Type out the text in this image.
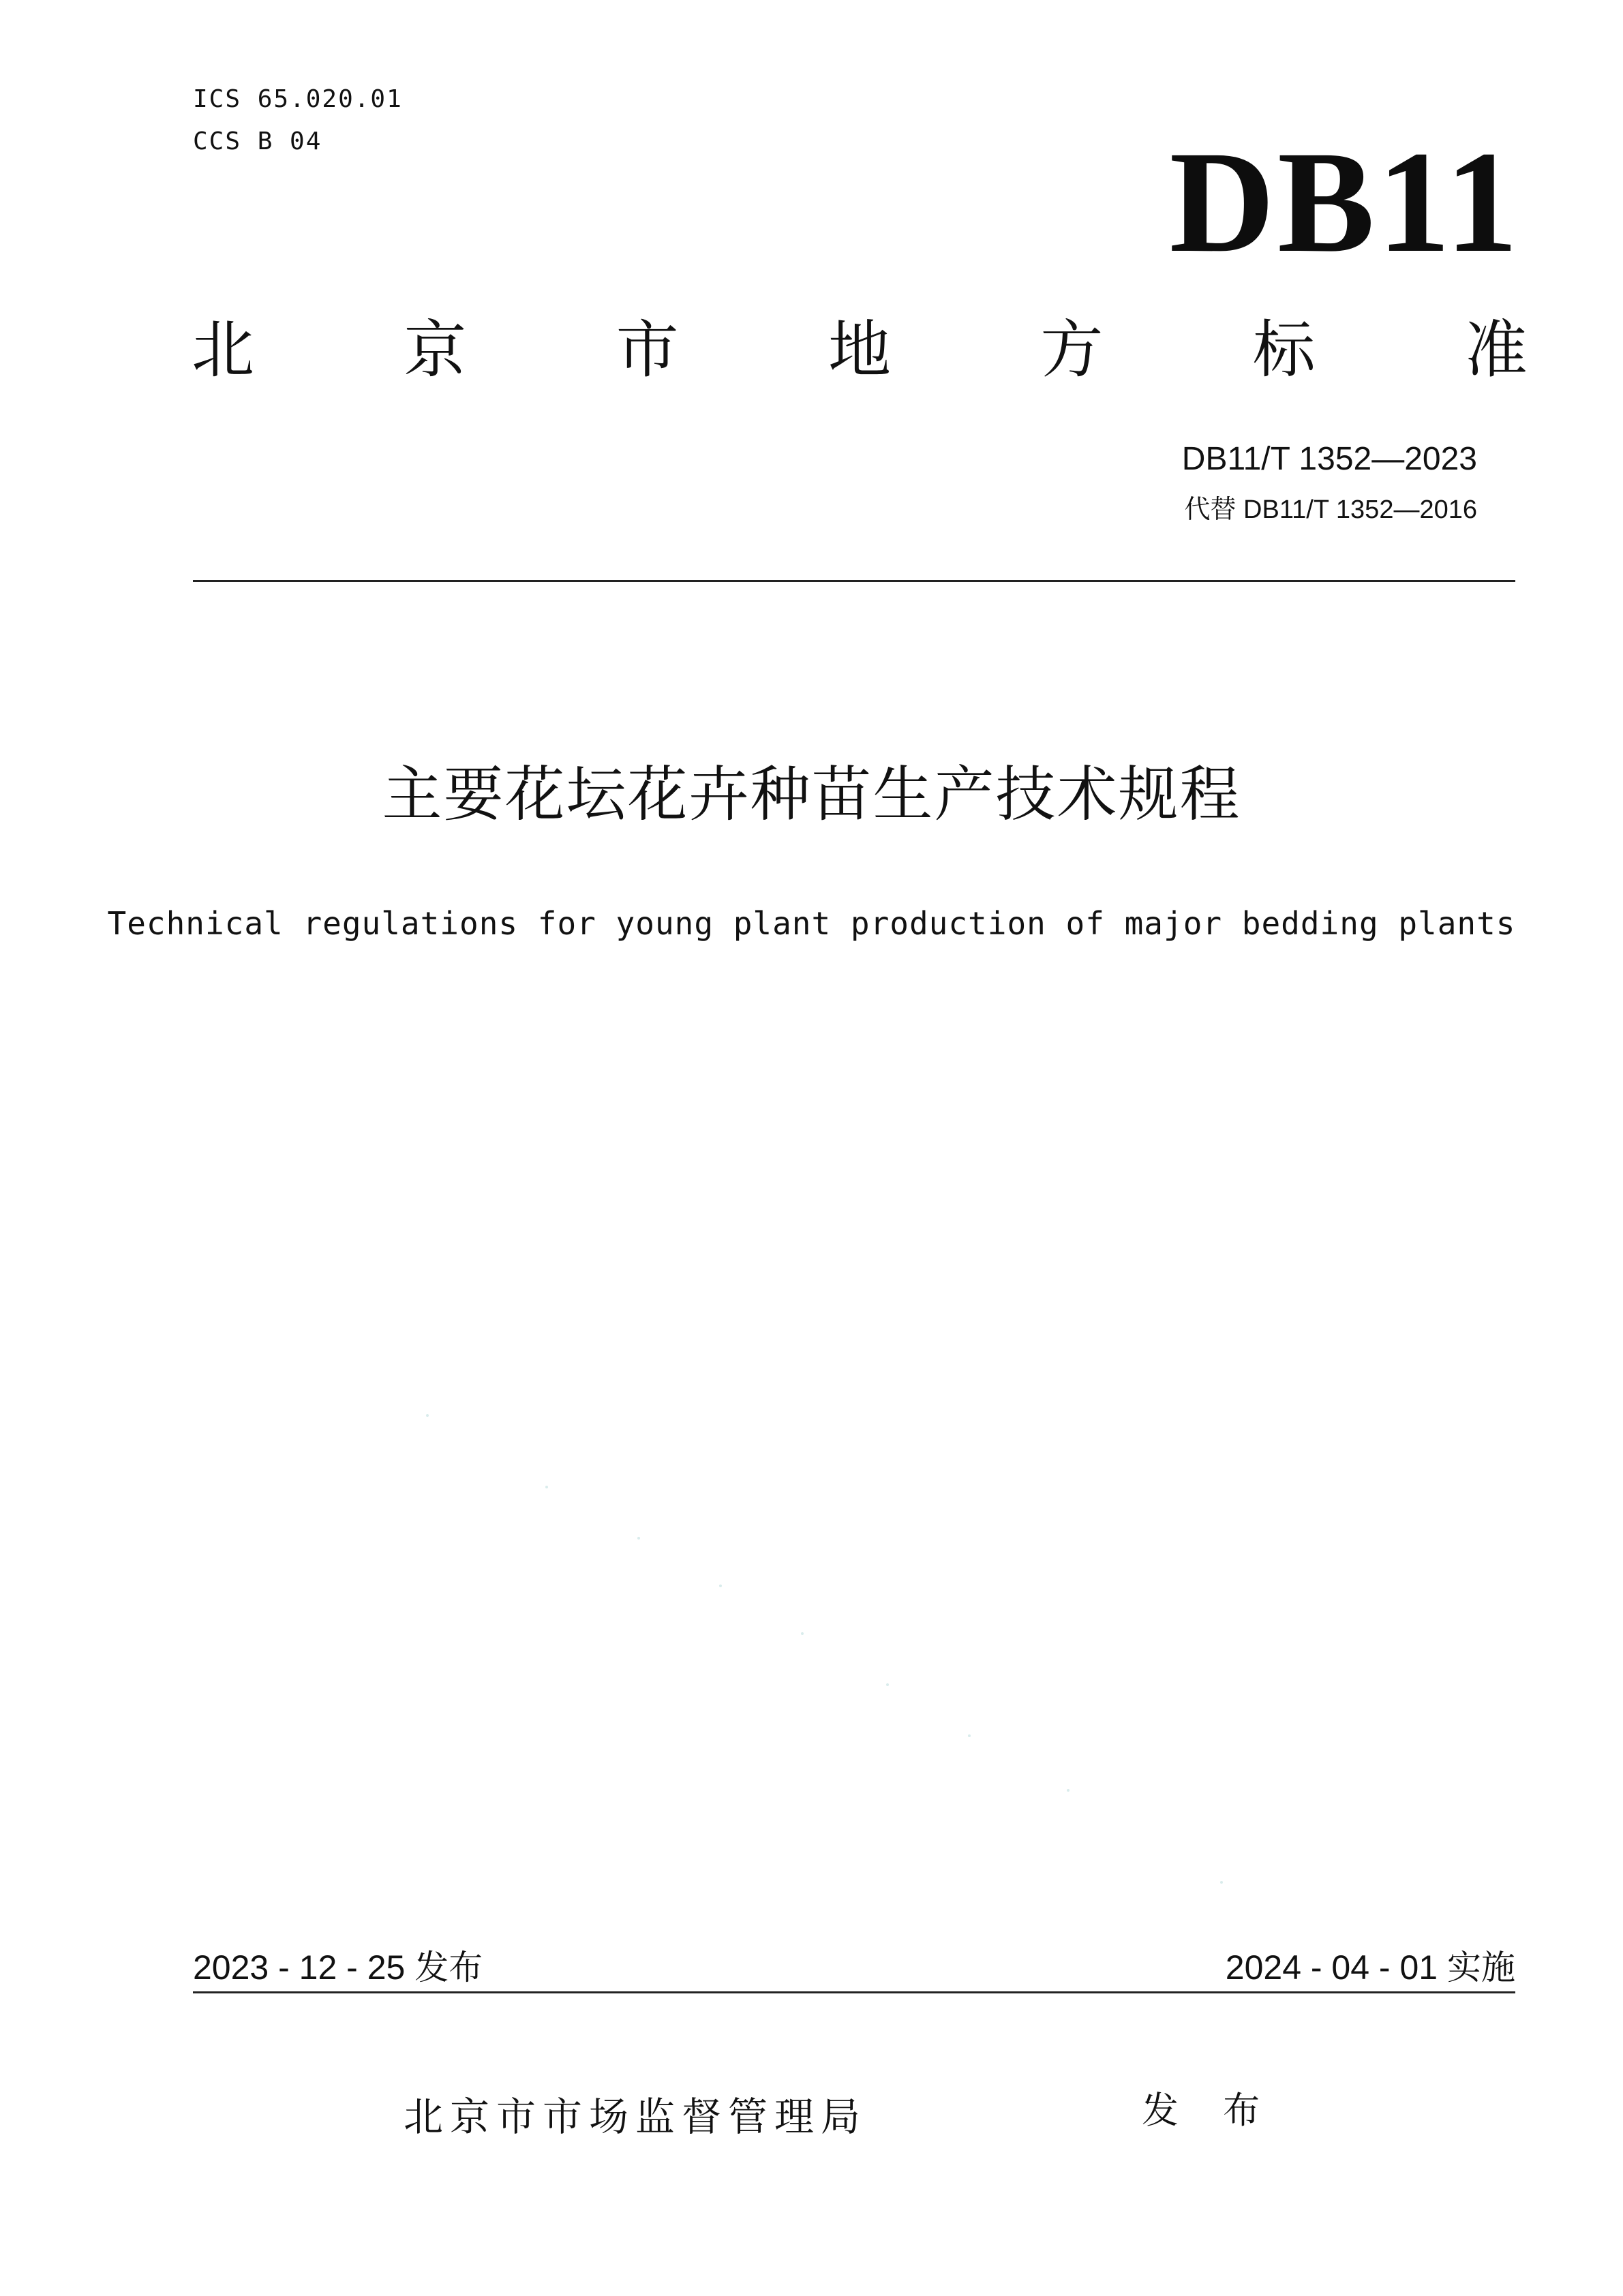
ICS 65.020.01
CCS B 04	DB11
北 京 市 地 方 标 准
DB11/T 1352—2023
代替 DB11/T 1352—2016
主要花坛花卉种苗生产技术规程
Technical regulations for young plant production of major bedding plants
2023 - 12 - 25 发布	2024 - 04 - 01 实施
北京市市场监督管理局	发 布
